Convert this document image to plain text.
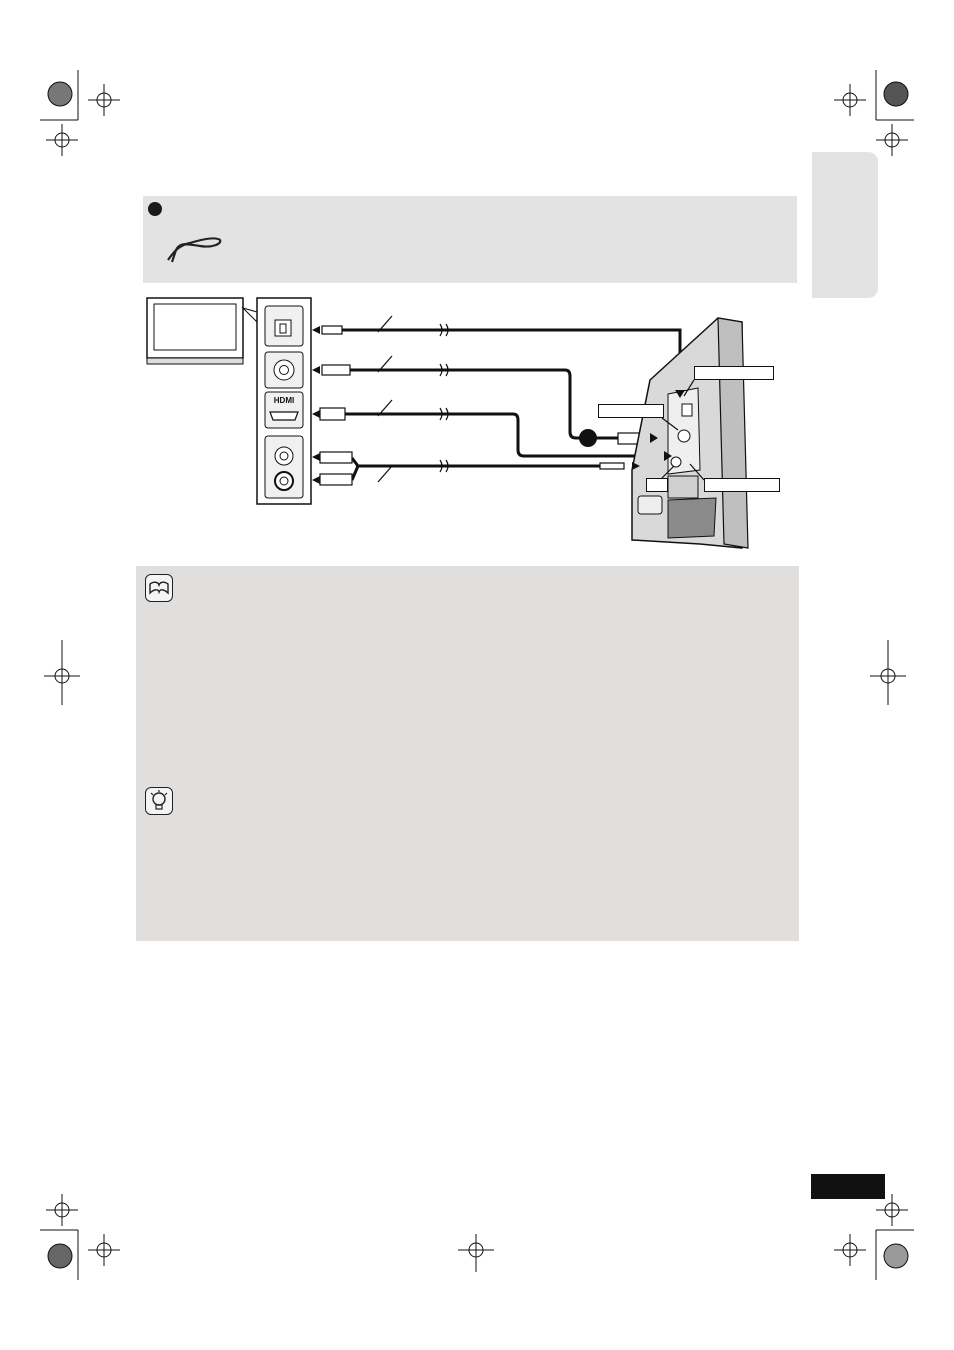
HDMI
